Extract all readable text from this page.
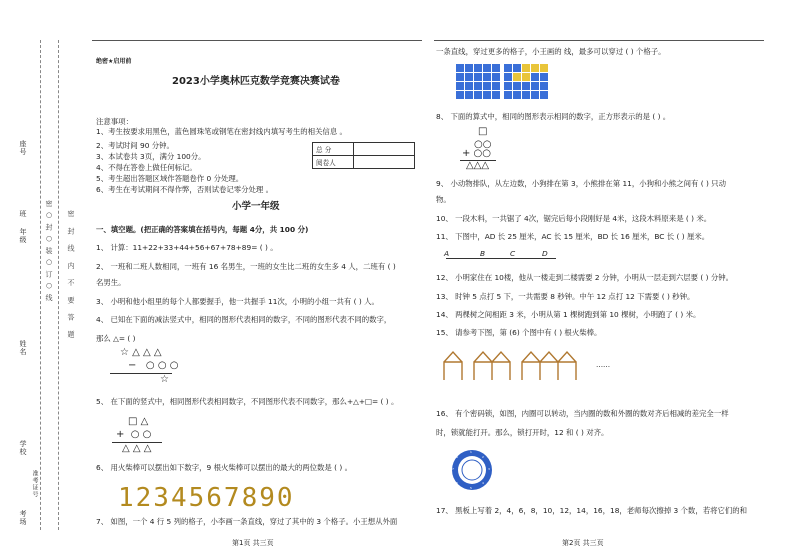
座号
班
年级
姓名
学校
考场
密 ○ 封 ○ 装 ○ 订 ○ 线 密 封 线 内 不 要 答 题
准考证号
绝密★启用前
2023小学奥林匹克数学竞赛决赛试卷
注意事项：
1、考生按要求用黑色，蓝色圆珠笔或钢笔在密封线内填写考生的相关信息 。
2、考试时间 90 分钟。
3、本试卷共 3页，满分 100分。
4、不得在答卷上做任何标记。
5、考生超出答题区域作答题卷作 0 分处理。
6、考生在考试期间不得作弊，否则试卷记零分处理 。
总 分	
阅卷人	
小学一年级
一、填空题。(把正确的答案填在括号内，每题 4分，共 100 分)
1、 计算：11+22+33+44+56+67+78+89= ( ) 。
2、 一班和二班人数相同，一班有 16 名男生，一班的女生比二班的女生多 4 人，二班有 ( )
名男生。
3、 小明和他小组里的每个人都要握手，他一共握手 11次，小明的小组一共有 ( ) 人。
4、 已知在下面的减法竖式中，相同的图形代表相同的数字，不同的图形代表不同的数字，
那么 △= ( )
☆ △ △ △
−   ○ ○ ○
☆
5、 在下面的竖式中，相同图形代表相同数字，不同图形代表不同数字，那么+△+□= ( ) 。
□ △
+  ○ ○
△ △ △
6、 用火柴棒可以摆出如下数字，9 根火柴棒可以摆出的最大的两位数是 ( ) 。
1234567890
7、 如图，一个 4 行 5 列的格子，小李画一条直线，穿过了其中的 3 个格子。小王想从外面
第1页 共三页
一条直线，穿过更多的格子，小王画的 线，最多可以穿过 ( ) 个格子。
8、 下面的算式中，相同的图形表示相同的数字，正方形表示的是 ( ) 。
□
○○
+ ○○
△△△
9、 小动物排队，从左边数，小狗排在第 3，小熊排在第 11，小狗和小熊之间有 ( ) 只动
物。
10、 一段木料，一共锯了 4次，锯完后每小段刚好是 4米，这段木料原来是 ( ) 米。
11、 下图中，AD 长 25 厘米，AC 长 15 厘米，BD 长 16 厘米，BC 长 ( ) 厘米。
A	B	C	D
12、 小明家住在 10楼，他从一楼走到二楼需要 2 分钟，小明从一层走到六层要 ( ) 分钟。
13、 时钟 5 点打 5 下，一共需要 8 秒钟。中午 12 点打 12 下需要 ( ) 秒钟。
14、 两棵树之间相距 3 米，小明从第 1 棵树跑到第 10 棵树，小明跑了 ( ) 米。
15、 请参考下图，第 (6) 个图中有 ( ) 根火柴棒。
......
16、 有个密码锁，如图，内圈可以转动，当内圈的数和外圈的数对齐后相减的差完全一样
时，锁就能打开。那么，锁打开时，12 和 ( ) 对齐。
1
2
3
4
5
6
7
8
17、 黑板上写着 2，4，6，8，10，12，14，16，18，老师每次擦掉 3 个数，若将它们的和
第2页 共三页
